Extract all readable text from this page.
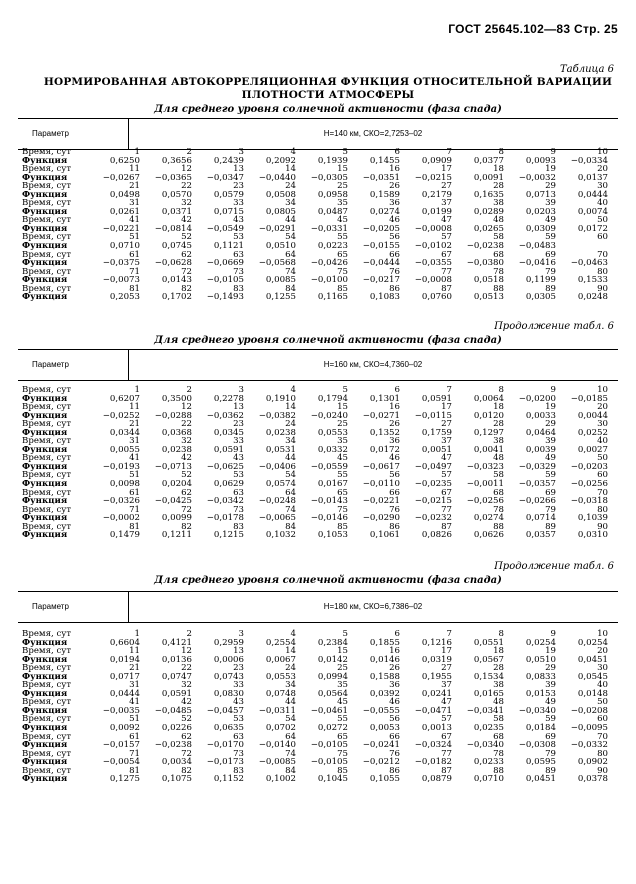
ГОСТ 25645.102—83 Стр. 25
Таблица 6
НОРМИРОВАННАЯ АВТОКОРРЕЛЯЦИОННАЯ ФУНКЦИЯ ОТНОСИТЕЛЬНОЙ ВАРИАЦИИ ПЛОТНОСТИ АТМОСФЕРЫ
Для среднего уровня солнечной активности (фаза спада)
Параметр	H=140 км, СКО=2,7253–02
Время, сут	1	2	3	4	5	6	7	8	9	10
Функция	0,6250	0,3656	0,2439	0,2092	0,1939	0,1455	0,0909	0,0377	0,0093	−0,0334
Время, сут	11	12	13	14	15	16	17	18	19	20
Функция	−0,0267	−0,0365	−0,0347	−0,0440	−0,0305	−0,0351	−0,0215	0,0091	−0,0032	0,0137
Время, сут	21	22	23	24	25	26	27	28	29	30
Функция	0,0498	0,0570	0,0579	0,0508	0,0958	0,1589	0,2179	0,1635	0,0713	0,0444
Время, сут	31	32	33	34	35	36	37	38	39	40
Функция	0,0261	0,0371	0,0715	0,0805	0,0487	0,0274	0,0199	0,0289	0,0203	0,0074
Время, сут	41	42	43	44	45	46	47	48	49	50
Функция	−0,0221	−0,0814	−0,0549	−0,0291	−0,0331	−0,0205	−0,0008	0,0265	0,0309	0,0172
Время, сут	51	52	53	54	55	56	57	58	59	60
Функция	0,0710	0,0745	0,1121	0,0510	0,0223	−0,0155	−0,0102	−0,0238	−0,0483
Время, сут	61	62	63	64	65	66	67	68	69	70
Функция	−0,0375	−0,0628	−0,0669	−0,0568	−0,0426	−0,0444	−0,0355	−0,0380	−0,0416	−0,0463
Время, сут	71	72	73	74	75	76	77	78	79	80
Функция	−0,0073	0,0143	−0,0105	0,0085	−0,0100	−0,0217	−0,0008	0,0518	0,1199	0,1533
Время, сут	81	82	83	84	85	86	87	88	89	90
Функция	0,2053	0,1702	−0,1493	0,1255	0,1165	0,1083	0,0760	0,0513	0,0305	0,0248
Продолжение табл. 6
Для среднего уровня солнечной активности (фаза спада)
Параметр	H=160 км, СКО=4,7360–02
Время, сут	1	2	3	4	5	6	7	8	9	10
Функция	0,6207	0,3500	0,2278	0,1910	0,1794	0,1301	0,0591	0,0064	−0,0200	−0,0185
Время, сут	11	12	13	14	15	16	17	18	19	20
Функция	−0,0252	−0,0288	−0,0362	−0,0382	−0,0240	−0,0271	−0,0115	0,0120	0,0033	0,0044
Время, сут	21	22	23	24	25	26	27	28	29	30
Функция	0,0344	0,0368	0,0345	0,0238	0,0553	0,1352	0,1759	0,1297	0,0464	0,0252
Время, сут	31	32	33	34	35	36	37	38	39	40
Функция	0,0055	0,0238	0,0591	0,0531	0,0332	0,0172	0,0051	0,0041	0,0039	0,0027
Время, сут	41	42	43	44	45	46	47	48	49	50
Функция	−0,0193	−0,0713	−0,0625	−0,0406	−0,0559	−0,0617	−0,0497	−0,0323	−0,0329	−0,0203
Время, сут	51	52	53	54	55	56	57	58	59	60
Функция	0,0098	0,0204	0,0629	0,0574	0,0167	−0,0110	−0,0235	−0,0011	−0,0357	−0,0256
Время, сут	61	62	63	64	65	66	67	68	69	70
Функция	−0,0326	−0,0425	−0,0342	−0,0248	−0,0143	−0,0221	−0,0215	−0,0256	−0,0266	−0,0318
Время, сут	71	72	73	74	75	76	77	78	79	80
Функция	−0,0002	0,0099	−0,0178	−0,0065	−0,0146	−0,0290	−0,0232	0,0274	0,0714	0,1039
Время, сут	81	82	83	84	85	86	87	88	89	90
Функция	0,1479	0,1211	0,1215	0,1032	0,1053	0,1061	0,0826	0,0626	0,0357	0,0310
Продолжение табл. 6
Для среднего уровня солнечной активности (фаза спада)
Параметр	H=180 км, СКО=6,7386–02
Время, сут	1	2	3	4	5	6	7	8	9	10
Функция	0,6604	0,4121	0,2959	0,2554	0,2384	0,1855	0,1216	0,0551	0,0254	0,0254
Время, сут	11	12	13	14	15	16	17	18	19	20
Функция	0,0194	0,0136	0,0006	0,0067	0,0142	0,0146	0,0319	0,0567	0,0510	0,0451
Время, сут	21	22	23	24	25	26	27	28	29	30
Функция	0,0717	0,0747	0,0743	0,0553	0,0994	0,1588	0,1955	0,1534	0,0833	0,0545
Время, сут	31	32	33	34	35	36	37	38	39	40
Функция	0,0444	0,0591	0,0830	0,0748	0,0564	0,0392	0,0241	0,0165	0,0153	0,0148
Время, сут	41	42	43	44	45	46	47	48	49	50
Функция	−0,0035	−0,0485	−0,0457	−0,0311	−0,0461	−0,0555	−0,0471	−0,0341	−0,0340	−0,0208
Время, сут	51	52	53	54	55	56	57	58	59	60
Функция	0,0092	0,0226	0,0635	0,0702	0,0272	0,0053	0,0013	0,0235	0,0184	−0,0095
Время, сут	61	62	63	64	65	66	67	68	69	70
Функция	−0,0157	−0,0238	−0,0170	−0,0140	−0,0105	−0,0241	−0,0324	−0,0340	−0,0308	−0,0332
Время, сут	71	72	73	74	75	76	77	78	79	80
Функция	−0,0054	0,0034	−0,0173	−0,0085	−0,0105	−0,0212	−0,0182	0,0233	0,0595	0,0902
Время, сут	81	82	83	84	85	86	87	88	89	90
Функция	0,1275	0,1075	0,1152	0,1002	0,1045	0,1055	0,0879	0,0710	0,0451	0,0378
